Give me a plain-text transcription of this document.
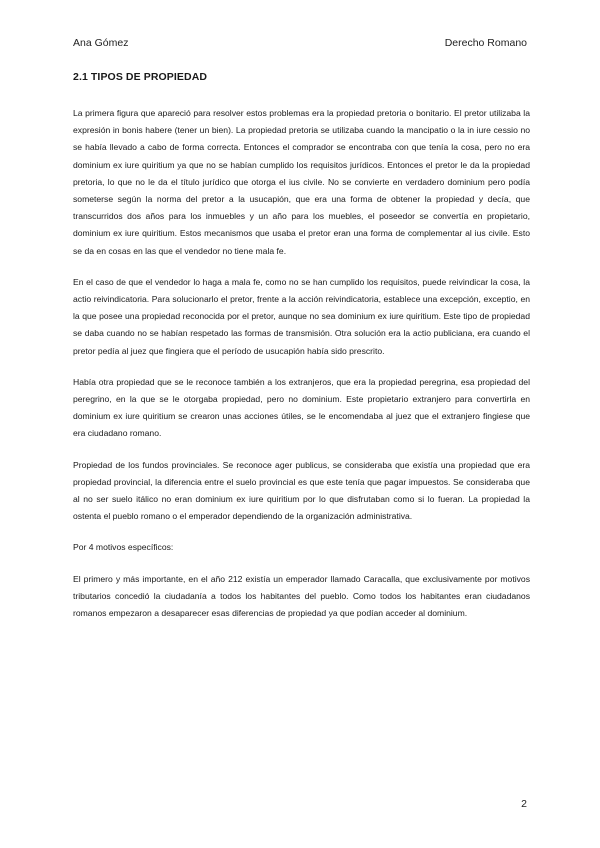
Ana Gómez	Derecho Romano
2.1 TIPOS DE PROPIEDAD

La primera figura que apareció para resolver estos problemas era la propiedad pretoria o bonitario. El pretor utilizaba la expresión in bonis habere (tener un bien). La propiedad pretoria se utilizaba cuando la mancipatio o la in iure cessio no se había llevado a cabo de forma correcta. Entonces el comprador se encontraba con que tenía la cosa, pero no era dominium ex iure quiritium ya que no se habían cumplido los requisitos jurídicos. Entonces el pretor le da la propiedad pretoria, lo que no le da el título jurídico que otorga el ius civile. No se convierte en verdadero dominium pero podía someterse según la norma del pretor a la usucapión, que era una forma de obtener la propiedad y decía, que transcurridos dos años para los inmuebles y un año para los muebles, el poseedor se convertía en propietario, dominium ex iure quiritium. Estos mecanismos que usaba el pretor eran una forma de complementar al ius civile. Esto se da en cosas en las que el vendedor no tiene mala fe.

En el caso de que el vendedor lo haga a mala fe, como no se han cumplido los requisitos, puede reivindicar la cosa, la actio reivindicatoria. Para solucionarlo el pretor, frente a la acción reivindicatoria, establece una excepción, exceptio, en la que posee una propiedad reconocida por el pretor, aunque no sea dominium ex iure quiritium. Este tipo de propiedad se daba cuando no se habían respetado las formas de transmisión. Otra solución era la actio publiciana, era cuando el pretor pedía al juez que fingiera que el período de usucapión había sido prescrito.

Había otra propiedad que se le reconoce también a los extranjeros, que era la propiedad peregrina, esa propiedad del peregrino, en la que se le otorgaba propiedad, pero no dominium. Este propietario extranjero para convertirla en dominium ex iure quiritium se crearon unas acciones útiles, se le encomendaba al juez que el extranjero fingiese que era ciudadano romano.

Propiedad de los fundos provinciales. Se reconoce ager publicus, se consideraba que existía una propiedad que era propiedad provincial, la diferencia entre el suelo provincial es que este tenía que pagar impuestos. Se consideraba que al no ser suelo itálico no eran dominium ex iure quiritium por lo que disfrutaban como si lo fueran. La propiedad la ostenta el pueblo romano o el emperador dependiendo de la organización administrativa.

Por 4 motivos específicos:

El primero y más importante, en el año 212 existía un emperador llamado Caracalla, que exclusivamente por motivos tributarios concedió la ciudadanía a todos los habitantes del pueblo. Como todos los habitantes eran ciudadanos romanos empezaron a desaparecer esas diferencias de propiedad ya que podían acceder al dominium.

2
